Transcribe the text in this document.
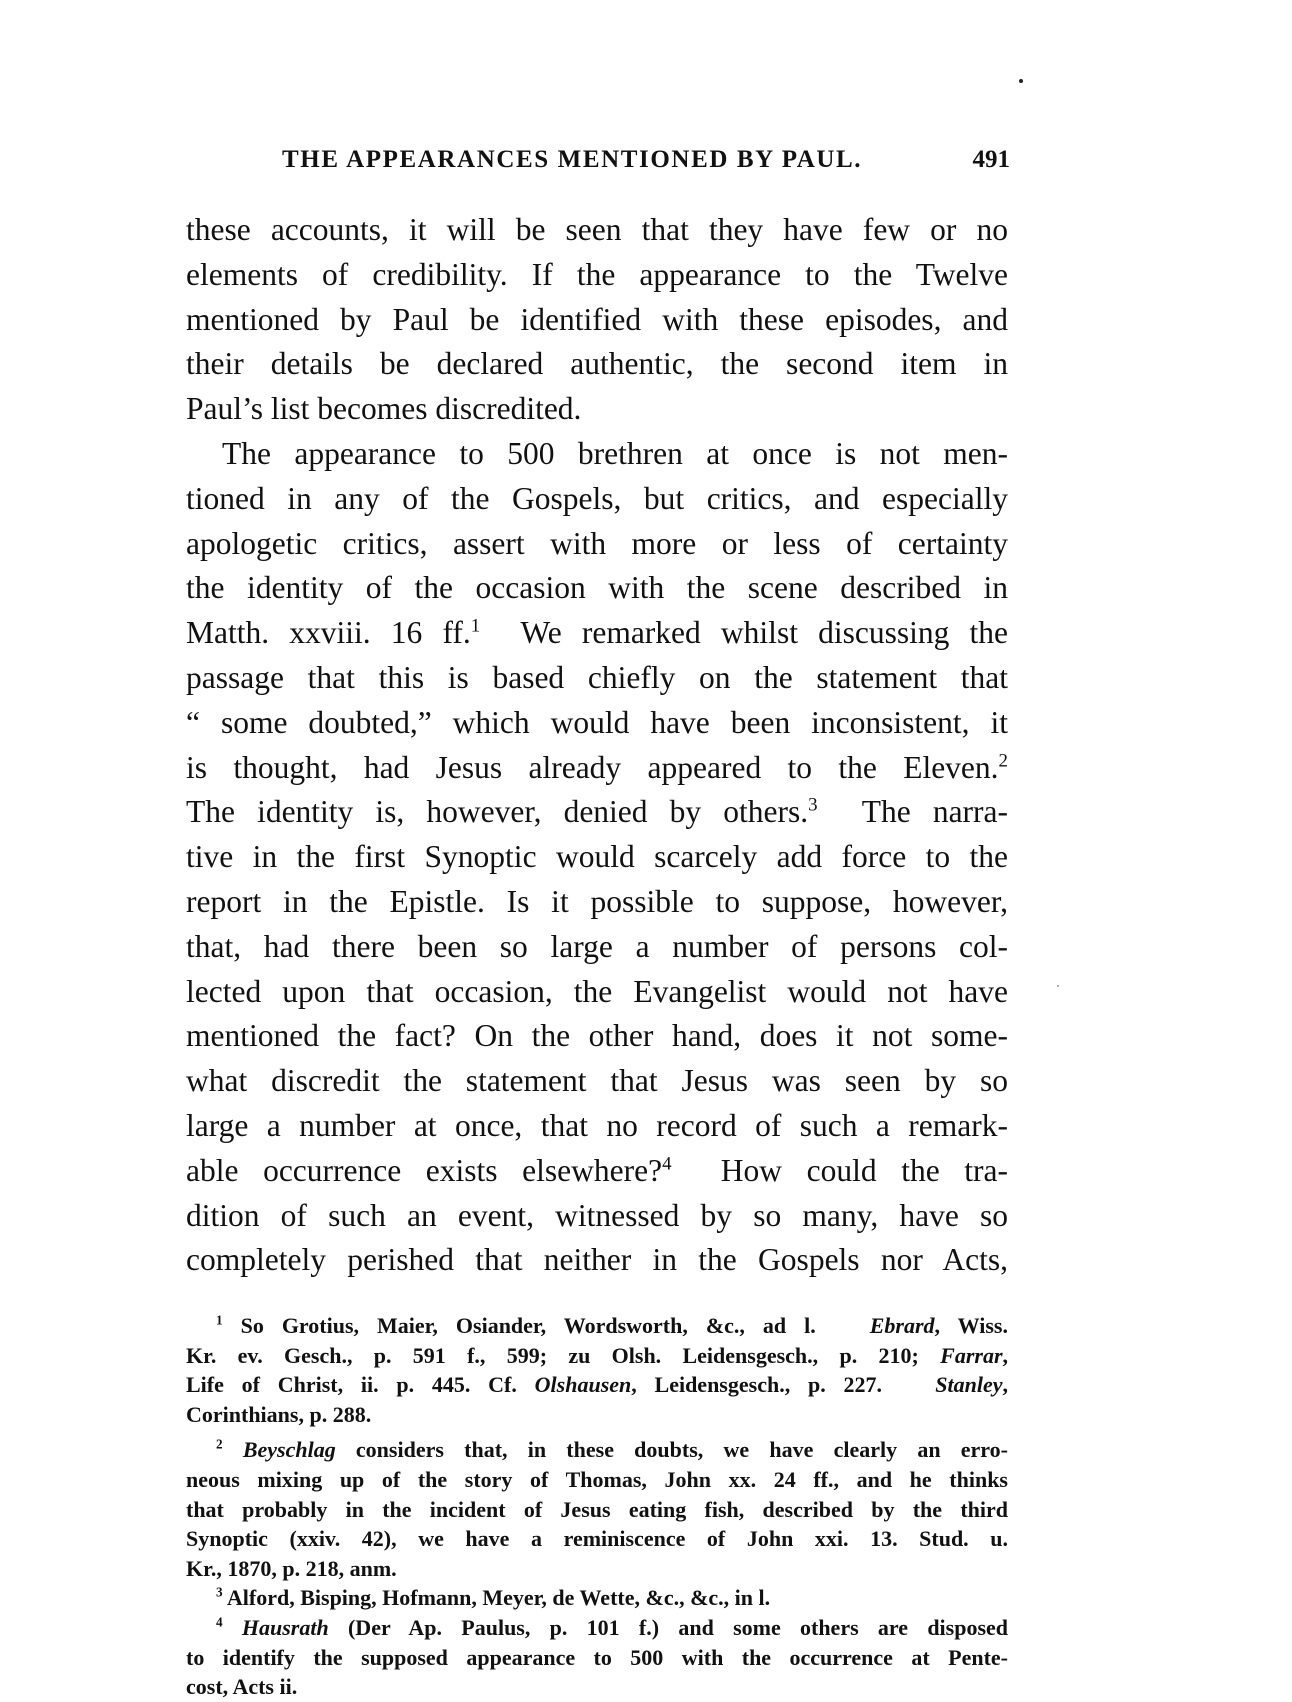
THE APPEARANCES MENTIONED BY PAUL.	491
these accounts, it will be seen that they have few or no
elements of credibility. If the appearance to the Twelve
mentioned by Paul be identified with these episodes, and
their details be declared authentic, the second item in
Paul’s list becomes discredited.
The appearance to 500 brethren at once is not men-
tioned in any of the Gospels, but critics, and especially
apologetic critics, assert with more or less of certainty
the identity of the occasion with the scene described in
Matth. xxviii. 16 ff.$^1$ We remarked whilst discussing the
passage that this is based chiefly on the statement that
“ some doubted,” which would have been inconsistent, it
is thought, had Jesus already appeared to the Eleven.$^2$
The identity is, however, denied by others.$^3$ The narra-
tive in the first Synoptic would scarcely add force to the
report in the Epistle. Is it possible to suppose, however,
that, had there been so large a number of persons col-
lected upon that occasion, the Evangelist would not have
mentioned the fact? On the other hand, does it not some-
what discredit the statement that Jesus was seen by so
large a number at once, that no record of such a remark-
able occurrence exists elsewhere?$^4$ How could the tra-
dition of such an event, witnessed by so many, have so
completely perished that neither in the Gospels nor Acts,
$^1$ So Grotius, Maier, Osiander, Wordsworth, &c., ad l. Ebrard, Wiss.
Kr. ev. Gesch., p. 591 f., 599; zu Olsh. Leidensgesch., p. 210; Farrar,
Life of Christ, ii. p. 445. Cf. Olshausen, Leidensgesch., p. 227. Stanley,
Corinthians, p. 288.
$^2$ Beyschlag considers that, in these doubts, we have clearly an erro-
neous mixing up of the story of Thomas, John xx. 24 ff., and he thinks
that probably in the incident of Jesus eating fish, described by the third
Synoptic (xxiv. 42), we have a reminiscence of John xxi. 13. Stud. u.
Kr., 1870, p. 218, anm.
$^3$ Alford, Bisping, Hofmann, Meyer, de Wette, &c., &c., in l.
$^4$ Hausrath (Der Ap. Paulus, p. 101 f.) and some others are disposed
to identify the supposed appearance to 500 with the occurrence at Pente-
cost, Acts ii.
